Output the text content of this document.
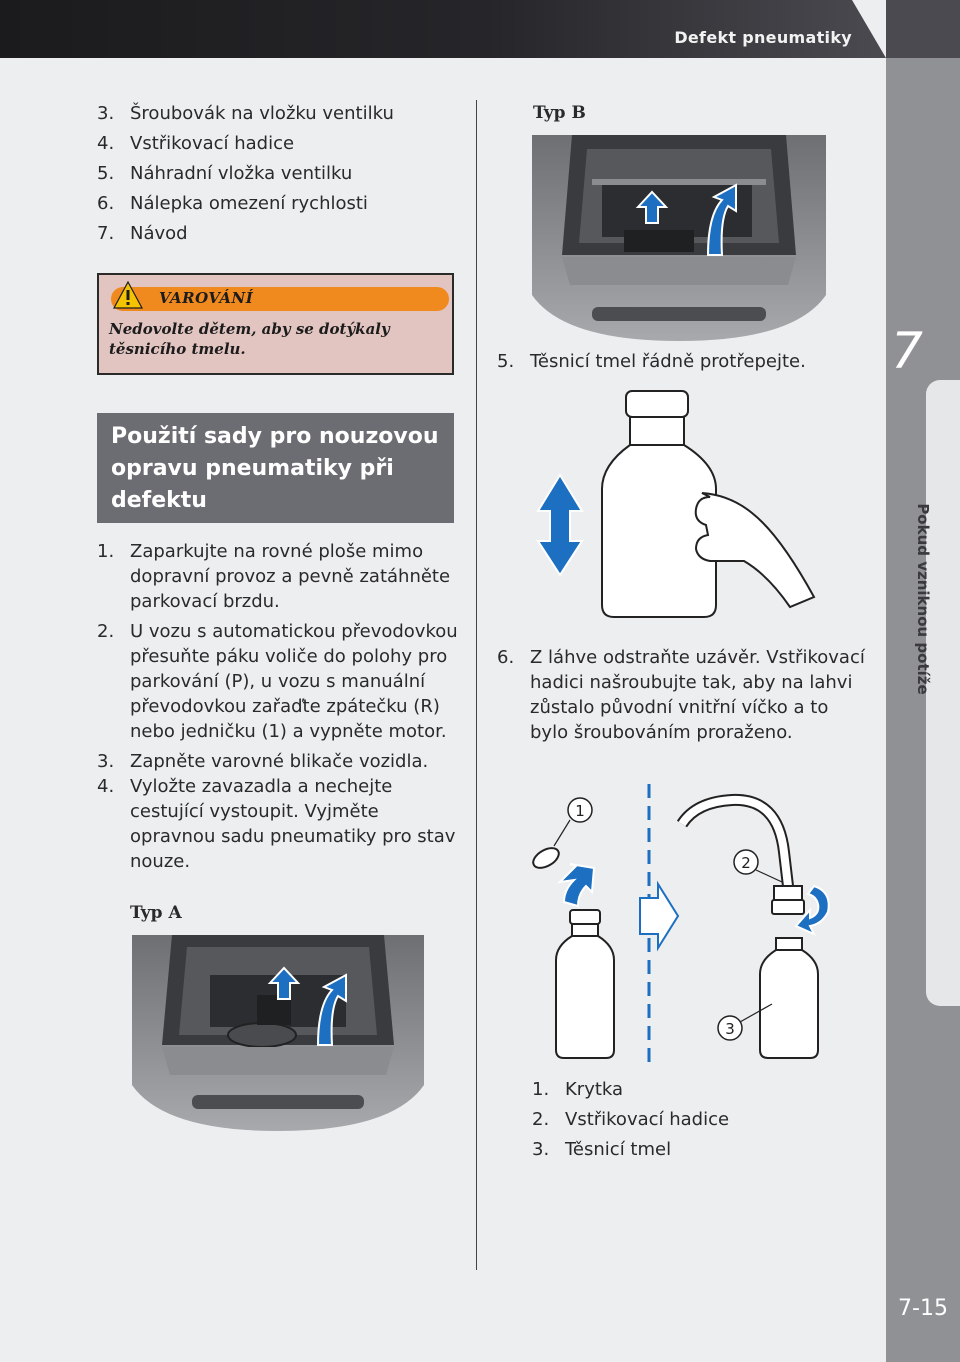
Defekt pneumatiky
7
Pokud vzniknou potíže
7-15
3. Šroubovák na vložku ventilku
4. Vstřikovací hadice
5. Náhradní vložka ventilku
6. Nálepka omezení rychlosti
7. Návod
VAROVÁNÍ
Nedovolte dětem, aby se dotýkaly těsnicího tmelu.
Použití sady pro nouzovou opravu pneumatiky při defektu
1. Zaparkujte na rovné ploše mimo dopravní provoz a pevně zatáhněte parkovací brzdu.
2. U vozu s automatickou převodovkou přesuňte páku voliče do polohy pro parkování (P), u vozu s manuální převodovkou zařaďte zpátečku (R) nebo jedničku (1) a vypněte motor.
3. Zapněte varovné blikače vozidla.
4. Vyložte zavazadla a nechejte cestující vystoupit. Vyjměte opravnou sadu pneumatiky pro stav nouze.
Typ A
Typ B
5. Těsnicí tmel řádně protřepejte.
6. Z láhve odstraňte uzávěr. Vstřikovací hadici našroubujte tak, aby na lahvi zůstalo původní vnitřní víčko a to bylo šroubováním proraženo.
1
2
3
1. Krytka
2. Vstřikovací hadice
3. Těsnicí tmel
